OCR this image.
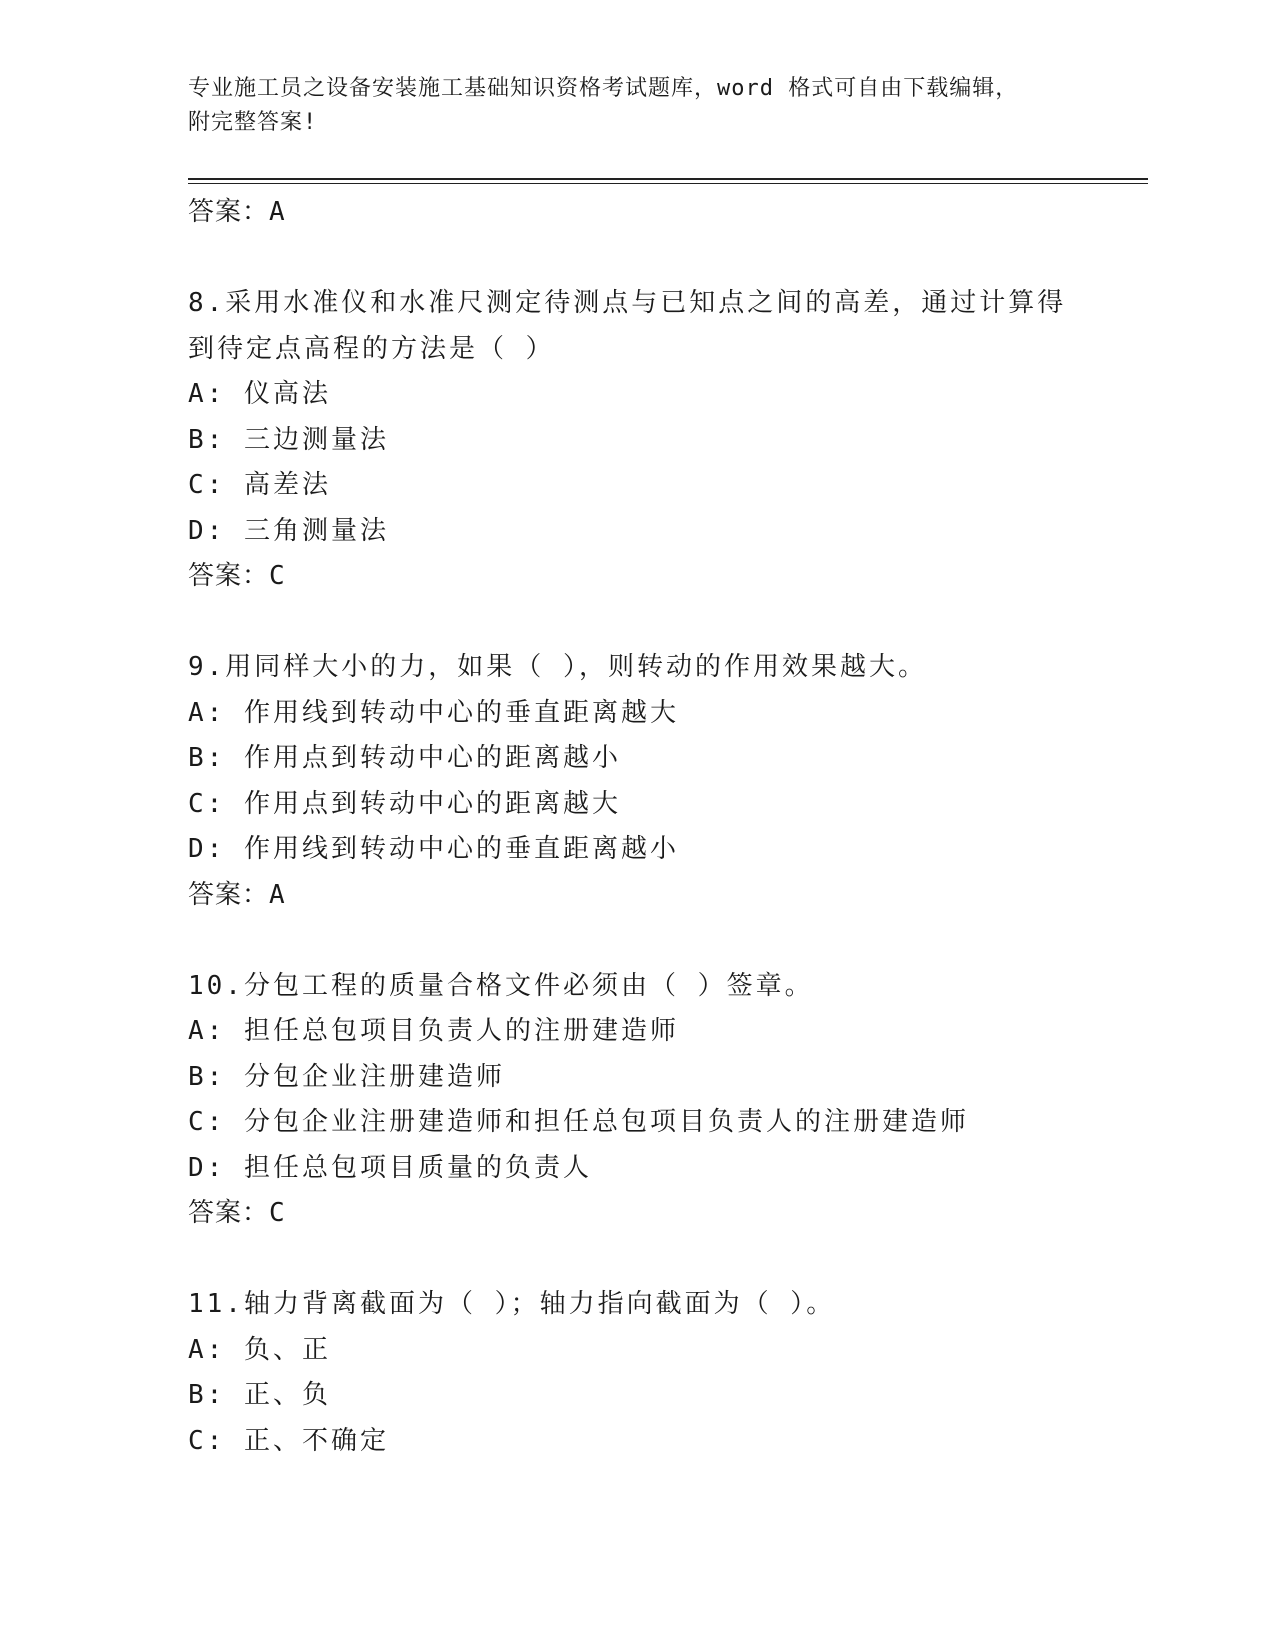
专业施工员之设备安装施工基础知识资格考试题库，word 格式可自由下载编辑，
附完整答案!
答案：A
8.采用水准仪和水准尺测定待测点与已知点之间的高差，通过计算得
到待定点高程的方法是（ ）
A: 仪高法
B: 三边测量法
C: 高差法
D: 三角测量法
答案：C
9.用同样大小的力，如果（ ），则转动的作用效果越大。
A: 作用线到转动中心的垂直距离越大
B: 作用点到转动中心的距离越小
C: 作用点到转动中心的距离越大
D: 作用线到转动中心的垂直距离越小
答案：A
10.分包工程的质量合格文件必须由（ ）签章。
A: 担任总包项目负责人的注册建造师
B: 分包企业注册建造师
C: 分包企业注册建造师和担任总包项目负责人的注册建造师
D: 担任总包项目质量的负责人
答案：C
11.轴力背离截面为（ ）；轴力指向截面为（ ）。
A: 负、正
B: 正、负
C: 正、不确定
